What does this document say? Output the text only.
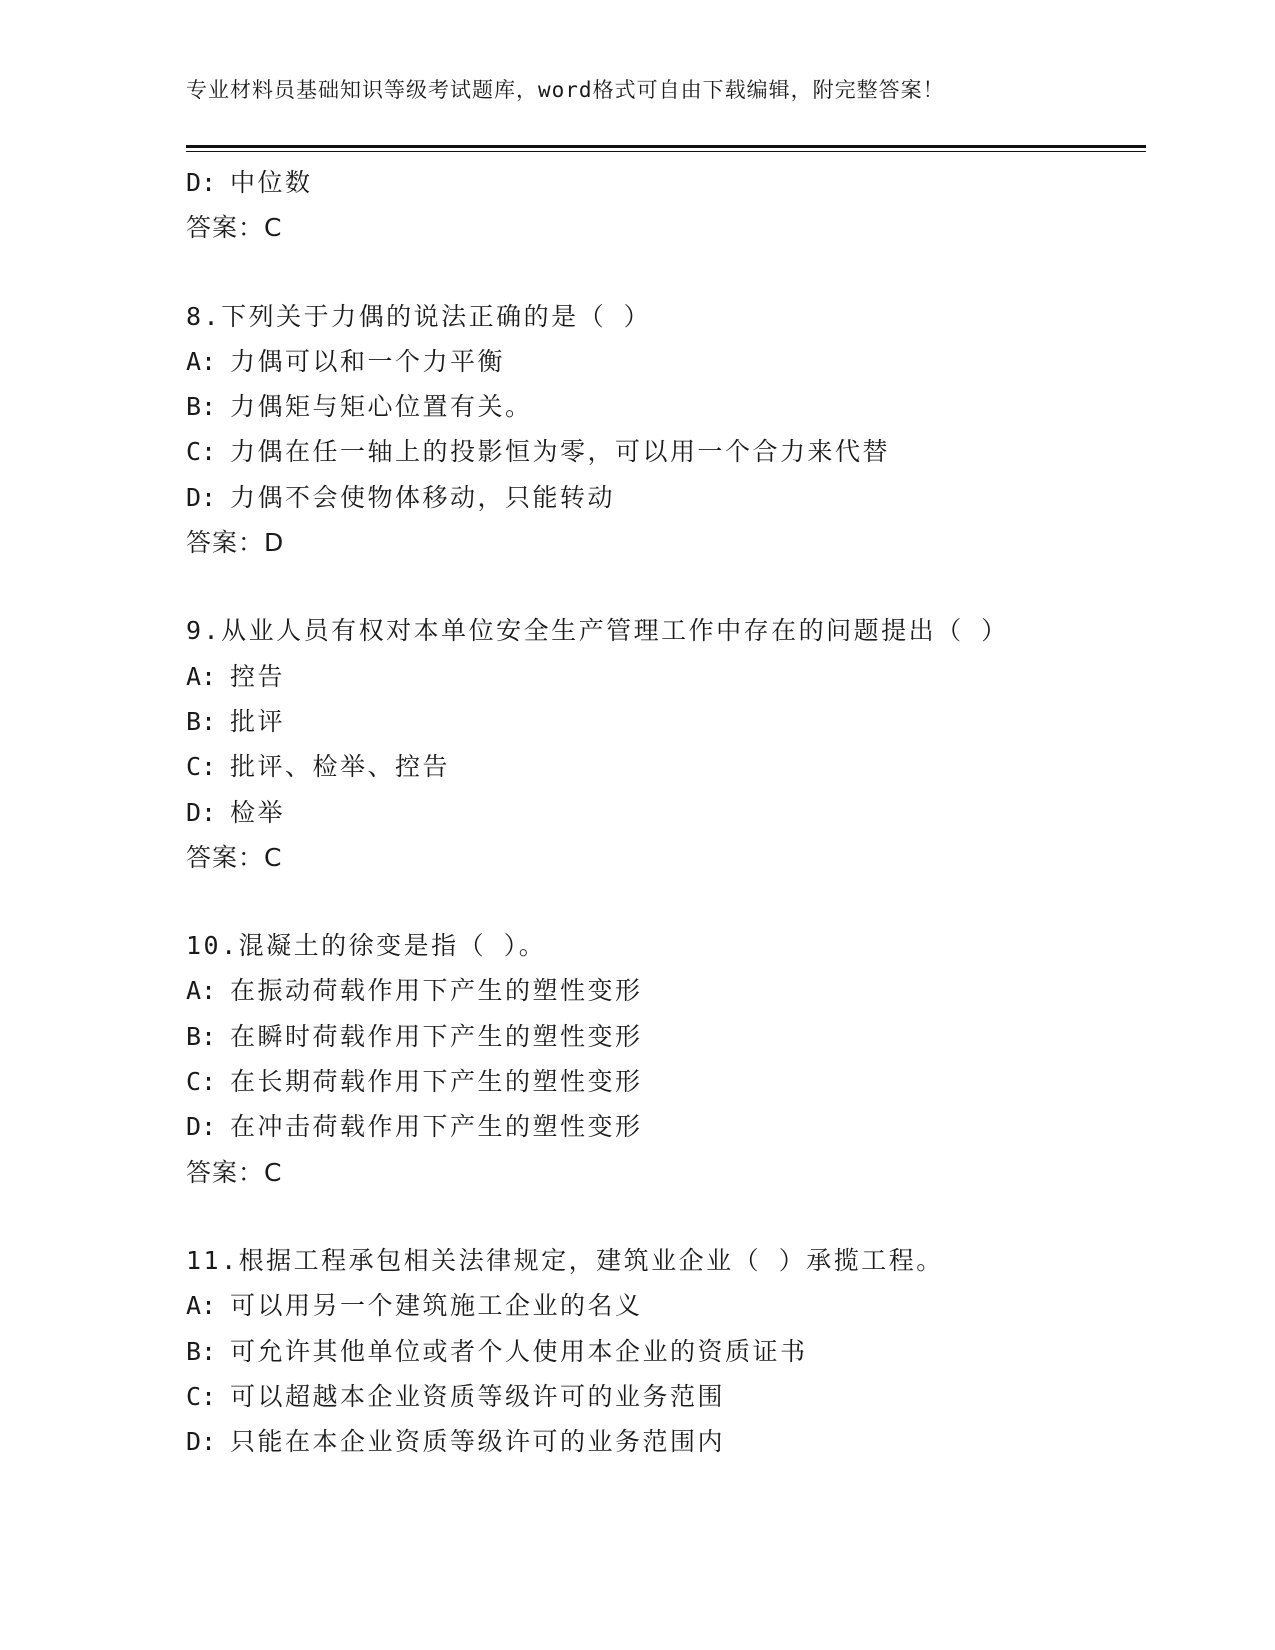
专业材料员基础知识等级考试题库，word格式可自由下载编辑，附完整答案！
D: 中位数
答案：C
8.下列关于力偶的说法正确的是（ ）
A: 力偶可以和一个力平衡
B: 力偶矩与矩心位置有关。
C: 力偶在任一轴上的投影恒为零，可以用一个合力来代替
D: 力偶不会使物体移动，只能转动
答案：D
9.从业人员有权对本单位安全生产管理工作中存在的问题提出（ ）
A: 控告
B: 批评
C: 批评、检举、控告
D: 检举
答案：C
10.混凝土的徐变是指（ ）。
A: 在振动荷载作用下产生的塑性变形
B: 在瞬时荷载作用下产生的塑性变形
C: 在长期荷载作用下产生的塑性变形
D: 在冲击荷载作用下产生的塑性变形
答案：C
11.根据工程承包相关法律规定，建筑业企业（ ）承揽工程。
A: 可以用另一个建筑施工企业的名义
B: 可允许其他单位或者个人使用本企业的资质证书
C: 可以超越本企业资质等级许可的业务范围
D: 只能在本企业资质等级许可的业务范围内
